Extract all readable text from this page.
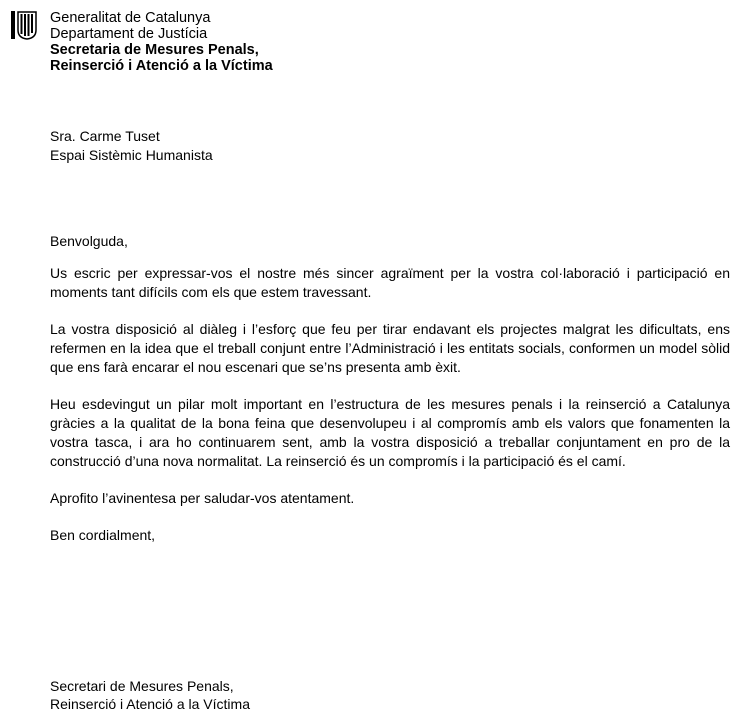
Generalitat de Catalunya
Departament de Justícia
Secretaria de Mesures Penals,
Reinserció i Atenció a la Víctima
Sra. Carme Tuset
Espai Sistèmic Humanista

Benvolguda,

Us escric per expressar-vos el nostre més sincer agraïment per la vostra col·laboració i participació en moments tant difícils com els que estem travessant.

La vostra disposició al diàleg i l’esforç que feu per tirar endavant els projectes malgrat les dificultats, ens refermen en la idea que el treball conjunt entre l’Administració i les entitats socials, conformen un model sòlid que ens farà encarar el nou escenari que se’ns presenta amb èxit.

Heu esdevingut un pilar molt important en l’estructura de les mesures penals i la reinserció a Catalunya gràcies a la qualitat de la bona feina que desenvolupeu i al compromís amb els valors que fonamenten la vostra tasca, i ara ho continuarem sent, amb la vostra disposició a treballar conjuntament en pro de la construcció d’una nova normalitat. La reinserció és un compromís i la participació és el camí.

Aprofito l’avinentesa per saludar-vos atentament.

Ben cordialment,

Secretari de Mesures Penals,
Reinserció i Atenció a la Víctima
